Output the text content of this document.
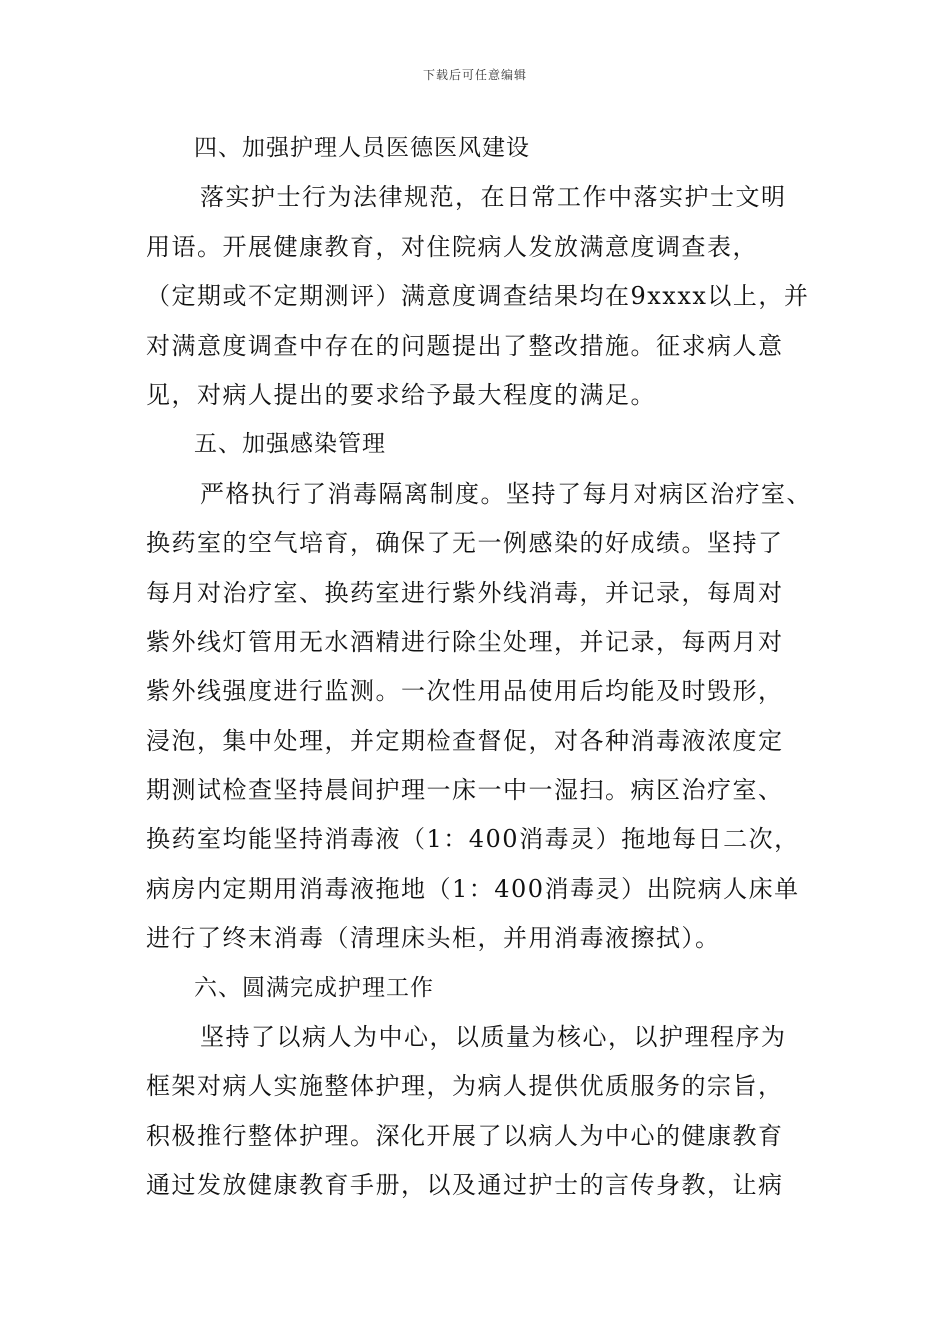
下载后可任意编辑
四、加强护理人员医德医风建设
落实护士行为法律规范，在日常工作中落实护士文明
用语。开展健康教育，对住院病人发放满意度调查表，
（定期或不定期测评）满意度调查结果均在9xxxx以上，并
对满意度调查中存在的问题提出了整改措施。征求病人意
见，对病人提出的要求给予最大程度的满足。
五、加强感染管理
严格执行了消毒隔离制度。坚持了每月对病区治疗室、
换药室的空气培育，确保了无一例感染的好成绩。坚持了
每月对治疗室、换药室进行紫外线消毒，并记录，每周对
紫外线灯管用无水酒精进行除尘处理，并记录，每两月对
紫外线强度进行监测。一次性用品使用后均能及时毁形，
浸泡，集中处理，并定期检查督促，对各种消毒液浓度定
期测试检查坚持晨间护理一床一中一湿扫。病区治疗室、
换药室均能坚持消毒液（1：400消毒灵）拖地每日二次，
病房内定期用消毒液拖地（1：400消毒灵）出院病人床单
进行了终末消毒（清理床头柜，并用消毒液擦拭）。
六、圆满完成护理工作
坚持了以病人为中心，以质量为核心，以护理程序为
框架对病人实施整体护理，为病人提供优质服务的宗旨，
积极推行整体护理。深化开展了以病人为中心的健康教育
通过发放健康教育手册，以及通过护士的言传身教，让病
